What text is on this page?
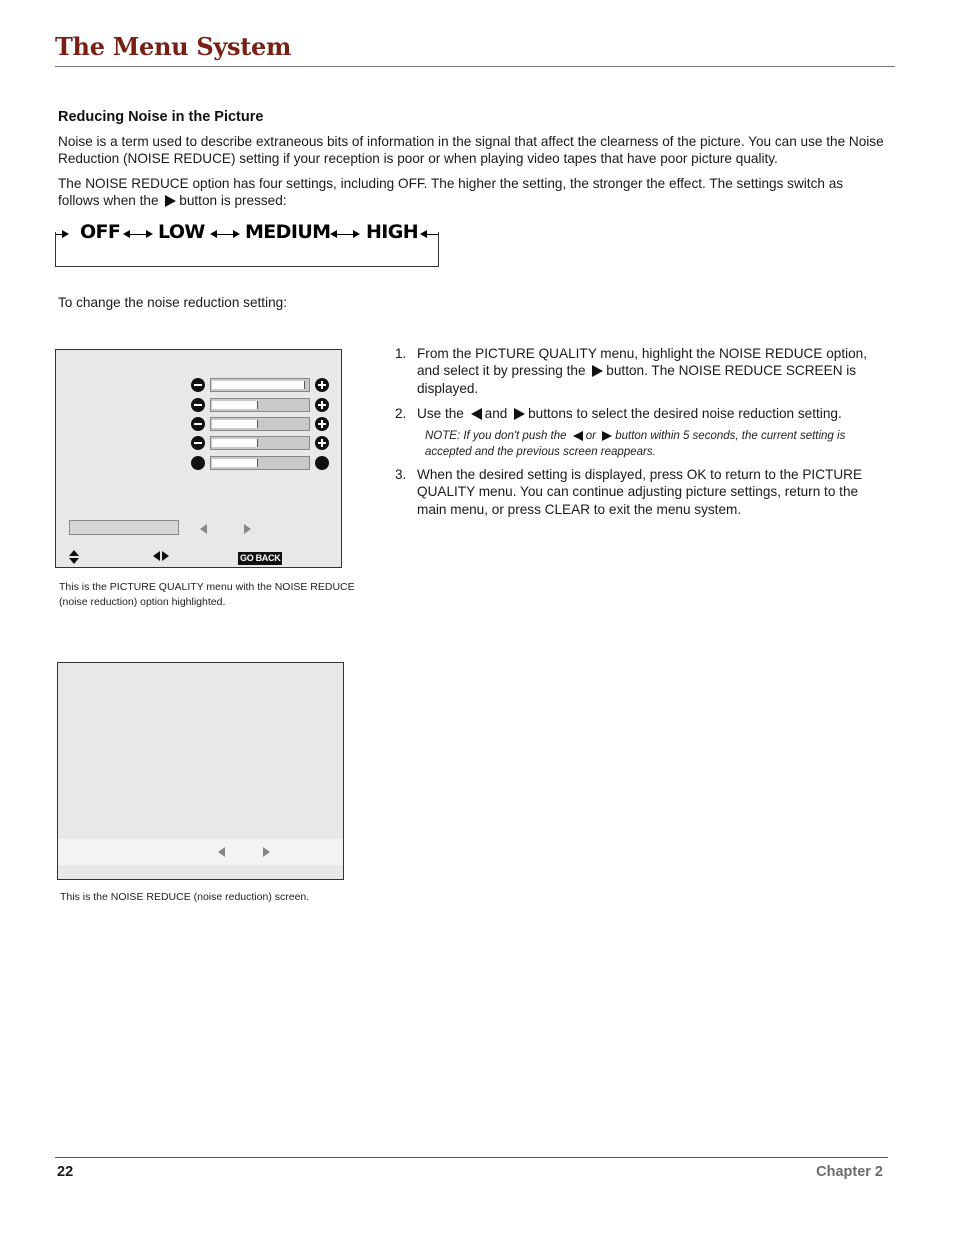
The Menu System
Reducing Noise in the Picture
Noise is a term used to describe extraneous bits of information in the signal that affect the clearness of the picture. You can use the Noise Reduction (NOISE REDUCE) setting if your reception is poor or when playing video tapes that have poor picture quality.
The NOISE REDUCE option has four settings, including OFF. The higher the setting, the stronger the effect. The settings switch as follows when the button is pressed:
OFF LOW MEDIUM HIGH
To change the noise reduction setting:
GO BACK
This is the PICTURE QUALITY menu with the NOISE REDUCE (noise reduction) option highlighted.
This is the NOISE REDUCE (noise reduction) screen.
1. From the PICTURE QUALITY menu, highlight the NOISE REDUCE option, and select it by pressing the button. The NOISE REDUCE SCREEN is displayed.
2. Use the and buttons to select the desired noise reduction setting.
NOTE: If you don't push the or button within 5 seconds, the current setting is accepted and the previous screen reappears.
3. When the desired setting is displayed, press OK to return to the PICTURE QUALITY menu. You can continue adjusting picture settings, return to the main menu, or press CLEAR to exit the menu system.
22	Chapter 2
